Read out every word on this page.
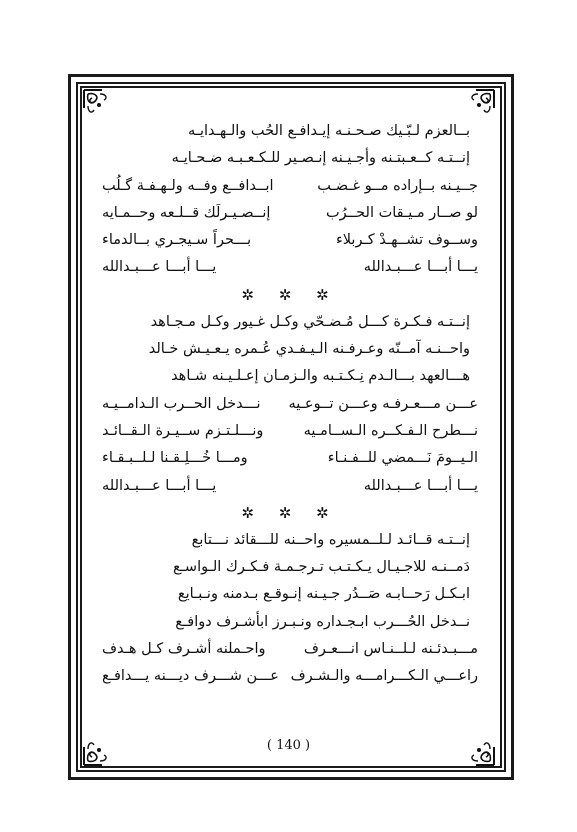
بــالعزم لـبّـيك صـحـنـه إيـدافـع الحُب والـهـدايـه
إنــتـه كــعـبتـنه وأجـيـنه إنـصـير للـكـعـبـه ضـحـايـه
جــيـنه بــإراده مــو غـضـب
ابــدافــع وفــه ولـهـفـة گـلُب
لو صــار مـيـقات الحــرُب
إنــصـيـرلَك قــلـعه وحــمـايه
وســوف تشــهـدْ كـربلاء
بـــحراً سـيجـري بــالدماء
يـــا أبـــا عـــبـدالله
يـــا أبـــا عـــبـدالله
✲ ✲ ✲
إنــتـه فـكـرة كـــل مُـضـحّي وكـل غـيور وكـل مـجـاهد
واحــنـه آمــنّه وعـرفـنه الـيـفـدي عُـمره يـعـيـش خـالد
هـــالعهد بـــالـدم نِـكـتـبه والـزمـان إعـلـيـنه شـاهد
عـــن مـــعـرفـه وعـــن تــوعـيه
نـــدخل الحــرب الـدامــيـه
نـــطرح الـفـكــره الـســامـيه
ونـــلـتـزم ســيـرة الـقــائـد
الـيــومَ نَـــمضي للــفـنـاء
ومـــا خُـــلِـقـنا لـلــبـقـاء
يـــا أبـــا عـــبـدالله
يـــا أبـــا عـــبـدالله
✲ ✲ ✲
إنــتـه قــائـد لـلــمسيره واحــنه للـــقائد نـــتابع
دَمــنـه للاجـيـال يـكـتـب تـرجـمـة فـكـرك الـواسـع
ابـكـل رَحــابـه صَــدُر جـيـنه إنـوقـع بـدمنه ونـبـايع
نــدخل الحُـــرب ابـجـداره ونـبـرز ابأشـرف دوافـع
مـــبـدئـنه لـلــنـاس انـــعـرف
واحـملنه أشـرف كـل هـدف
راعـــي الـكـــرامـــه والـشـرف
عـــن شـــرف ديـــنه يـــدافـع
( 140 )
